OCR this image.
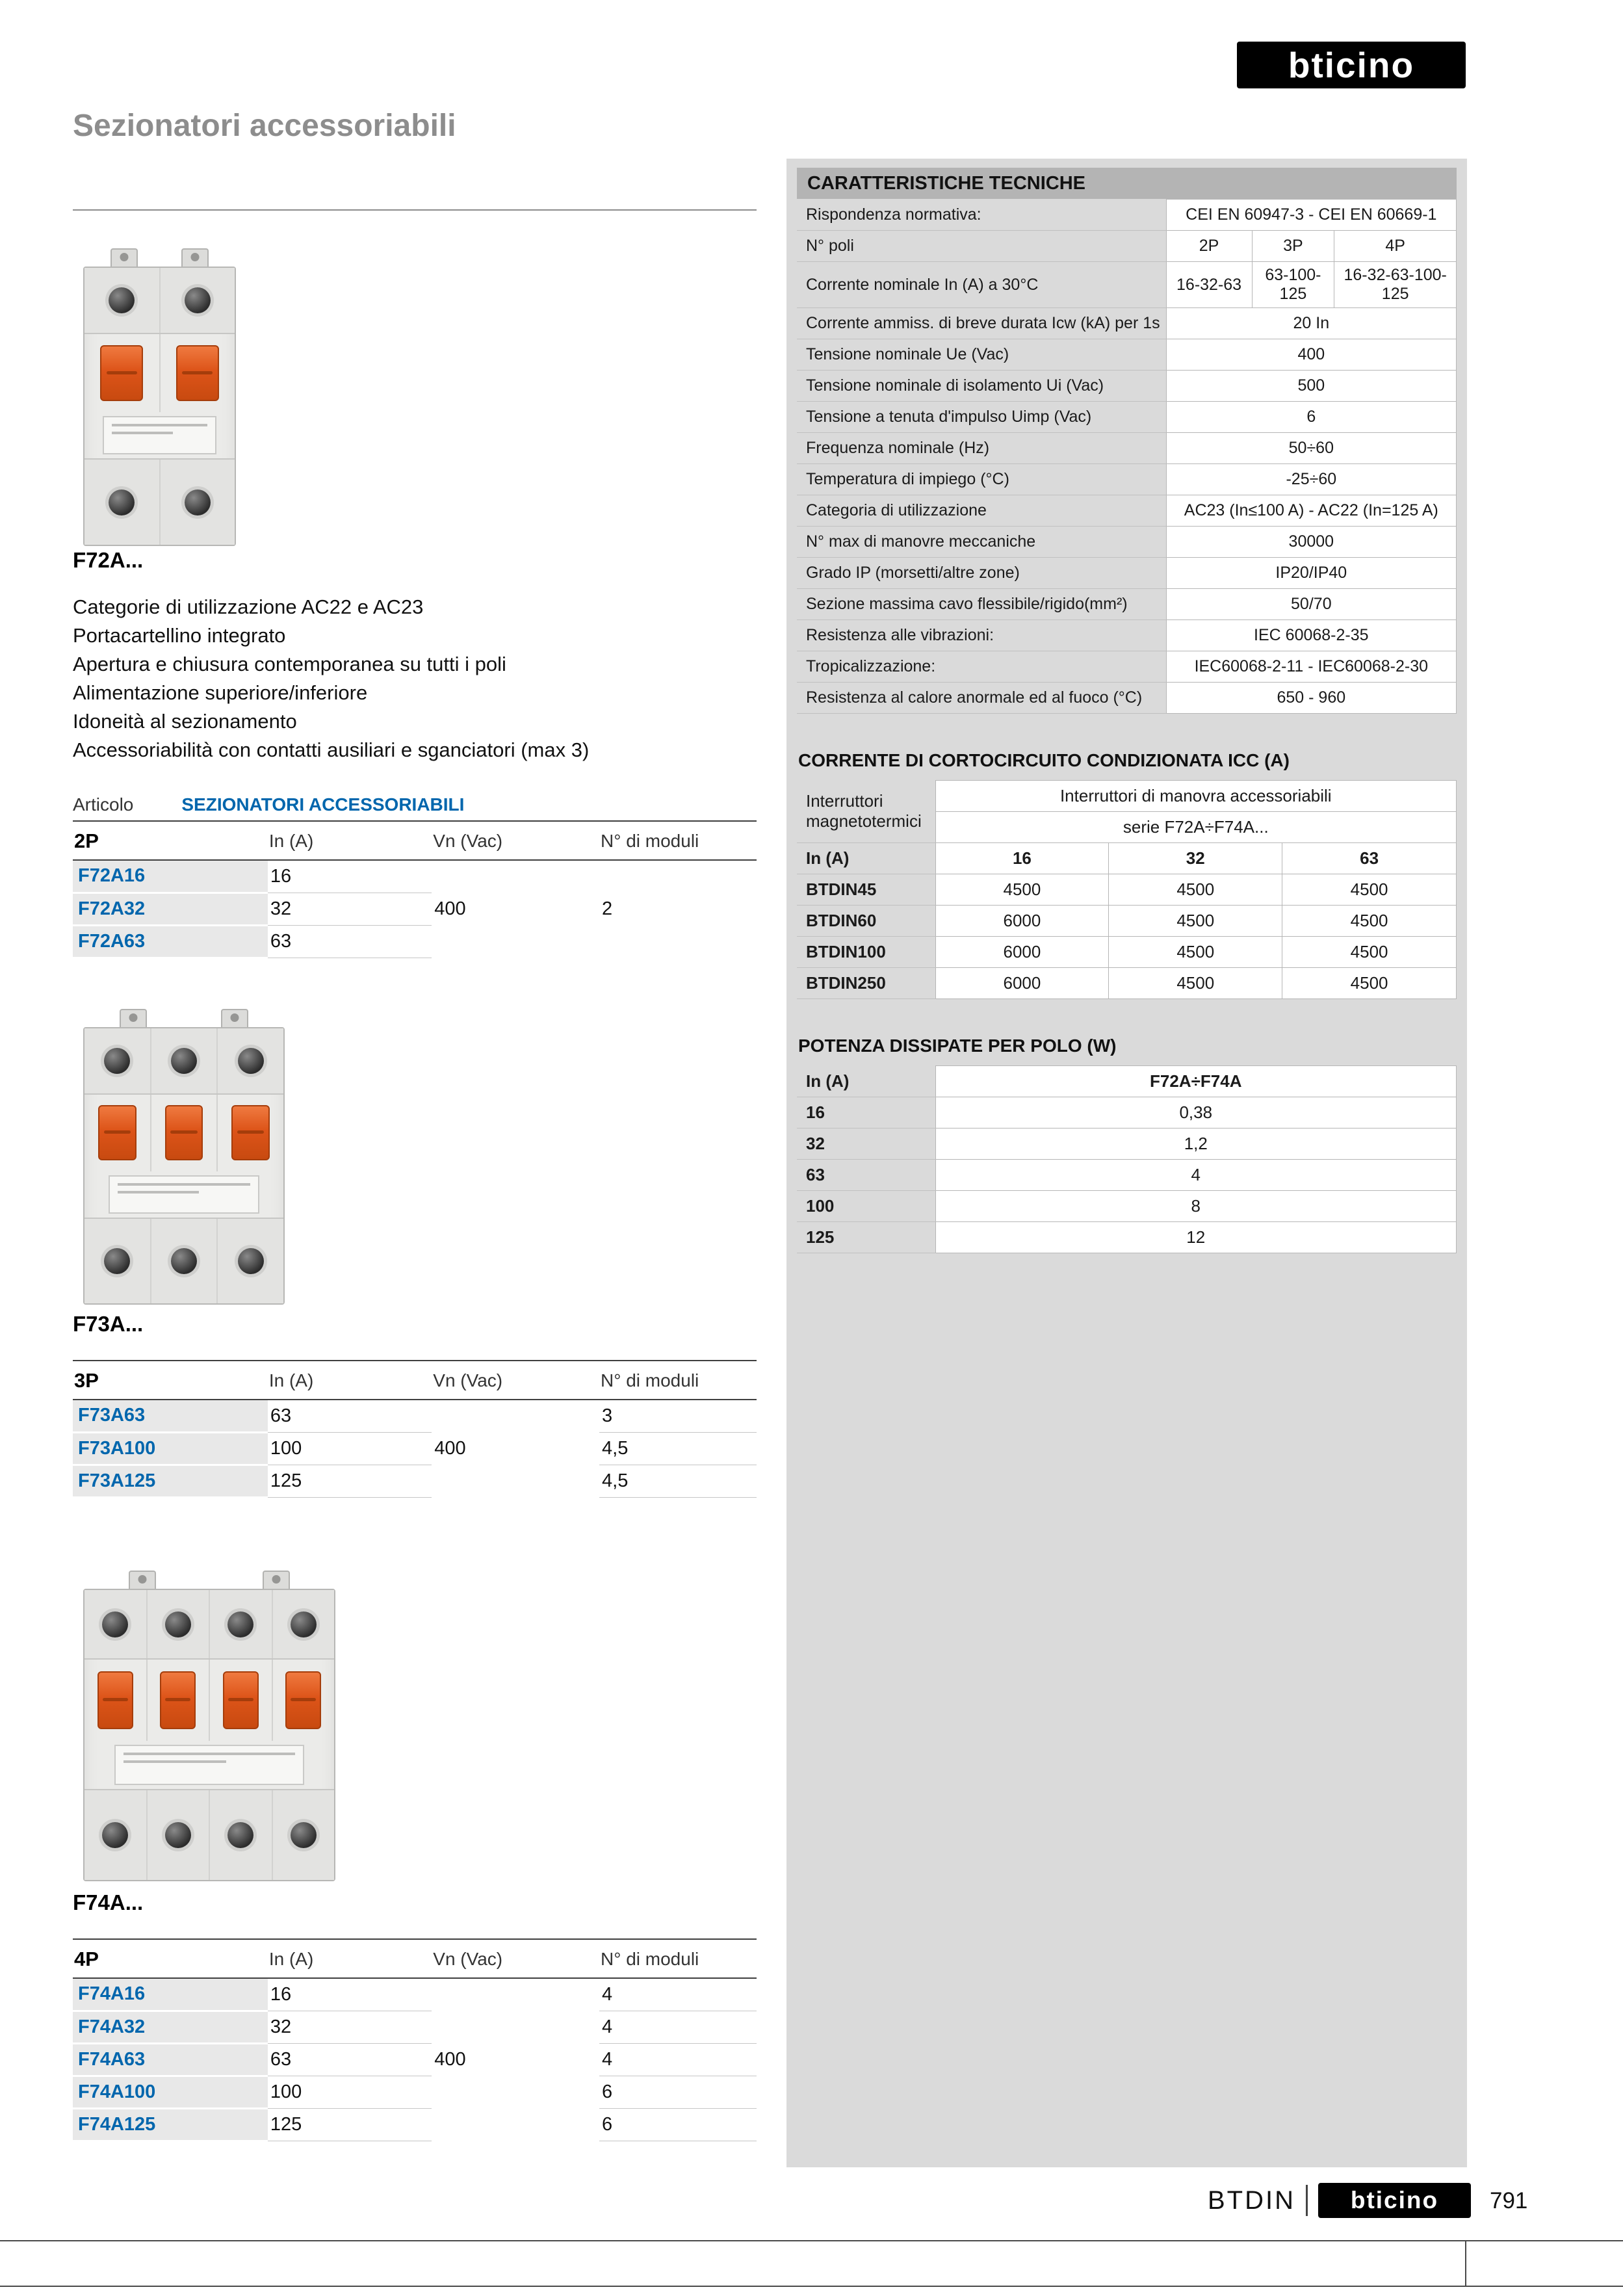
bticino
Sezionatori accessoriabili
F72A...
Categorie di utilizzazione AC22 e AC23
Portacartellino integrato
Apertura e chiusura contemporanea su tutti i poli
Alimentazione superiore/inferiore
Idoneità al sezionamento
Accessoriabilità con contatti ausiliari e sganciatori (max 3)
Articolo	SEZIONATORI ACCESSORIABILI
2P	In (A)	Vn (Vac)	N° di moduli
F72A16	16	400	2
F72A32	32		
F72A63	63		
F73A...
3P	In (A)	Vn (Vac)	N° di moduli
F73A63	63	400	3
F73A100	100		4,5
F73A125	125		4,5
F74A...
4P	In (A)	Vn (Vac)	N° di moduli
F74A16	16	400	4
F74A32	32		4
F74A63	63		4
F74A100	100		6
F74A125	125		6
CARATTERISTICHE TECNICHE
Rispondenza normativa:	CEI EN 60947-3 - CEI EN 60669-1		
N° poli	2P	3P	4P
Corrente nominale In (A) a 30°C	16-32-63	63-100-125	16-32-63-100-125
Corrente ammiss. di breve durata Icw (kA) per 1s	20 In		
Tensione nominale Ue (Vac)	400		
Tensione nominale di isolamento Ui (Vac)	500		
Tensione a tenuta d'impulso Uimp (Vac)	6		
Frequenza nominale (Hz)	50÷60		
Temperatura di impiego (°C)	-25÷60		
Categoria di utilizzazione	AC23 (In≤100 A) - AC22 (In=125 A)		
N° max di manovre meccaniche	30000		
Grado IP (morsetti/altre zone)	IP20/IP40		
Sezione massima cavo flessibile/rigido(mm²)	50/70		
Resistenza alle vibrazioni:	IEC 60068-2-35		
Tropicalizzazione:	IEC60068-2-11 - IEC60068-2-30		
Resistenza al calore anormale ed al fuoco (°C)	650 - 960		
CORRENTE DI CORTOCIRCUITO CONDIZIONATA ICC (A)
Interruttori magnetotermici	Interruttori di manovra accessoriabili		
	serie F72A÷F74A...		
In (A)	16	32	63
BTDIN45	4500	4500	4500
BTDIN60	6000	4500	4500
BTDIN100	6000	4500	4500
BTDIN250	6000	4500	4500
POTENZA DISSIPATE PER POLO (W)
In (A)	F72A÷F74A
16	0,38
32	1,2
63	4
100	8
125	12
BTDIN	bticino	791
